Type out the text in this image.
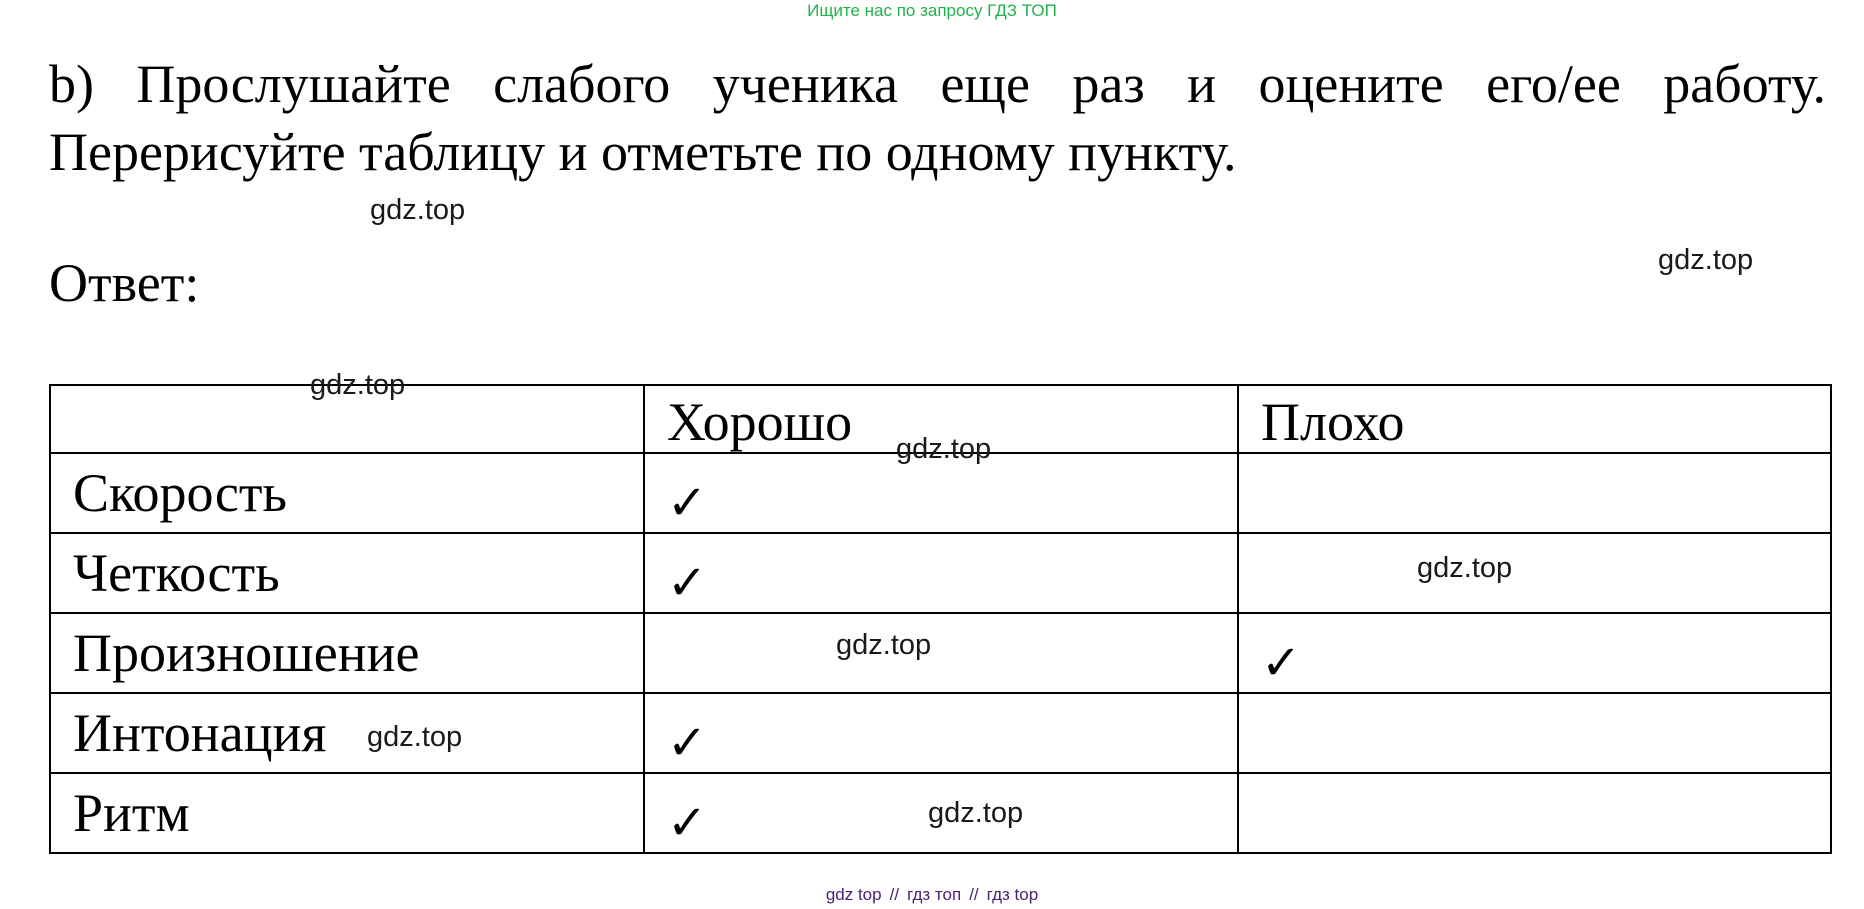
Ищите нас по запросу ГДЗ ТОП
b) Прослушайте слабого ученика еще раз и оцените его/ее работу. Перерисуйте таблицу и отметьте по одному пункту.
Ответ:
	Хорошо	Плохо
Скорость	✓	
Четкость	✓	
Произношение		✓
Интонация	✓	
Ритм	✓	
gdz.top
gdz.top
gdz.top
gdz.top
gdz.top
gdz.top
gdz.top
gdz.top
gdz top // гдз топ // гдз top
